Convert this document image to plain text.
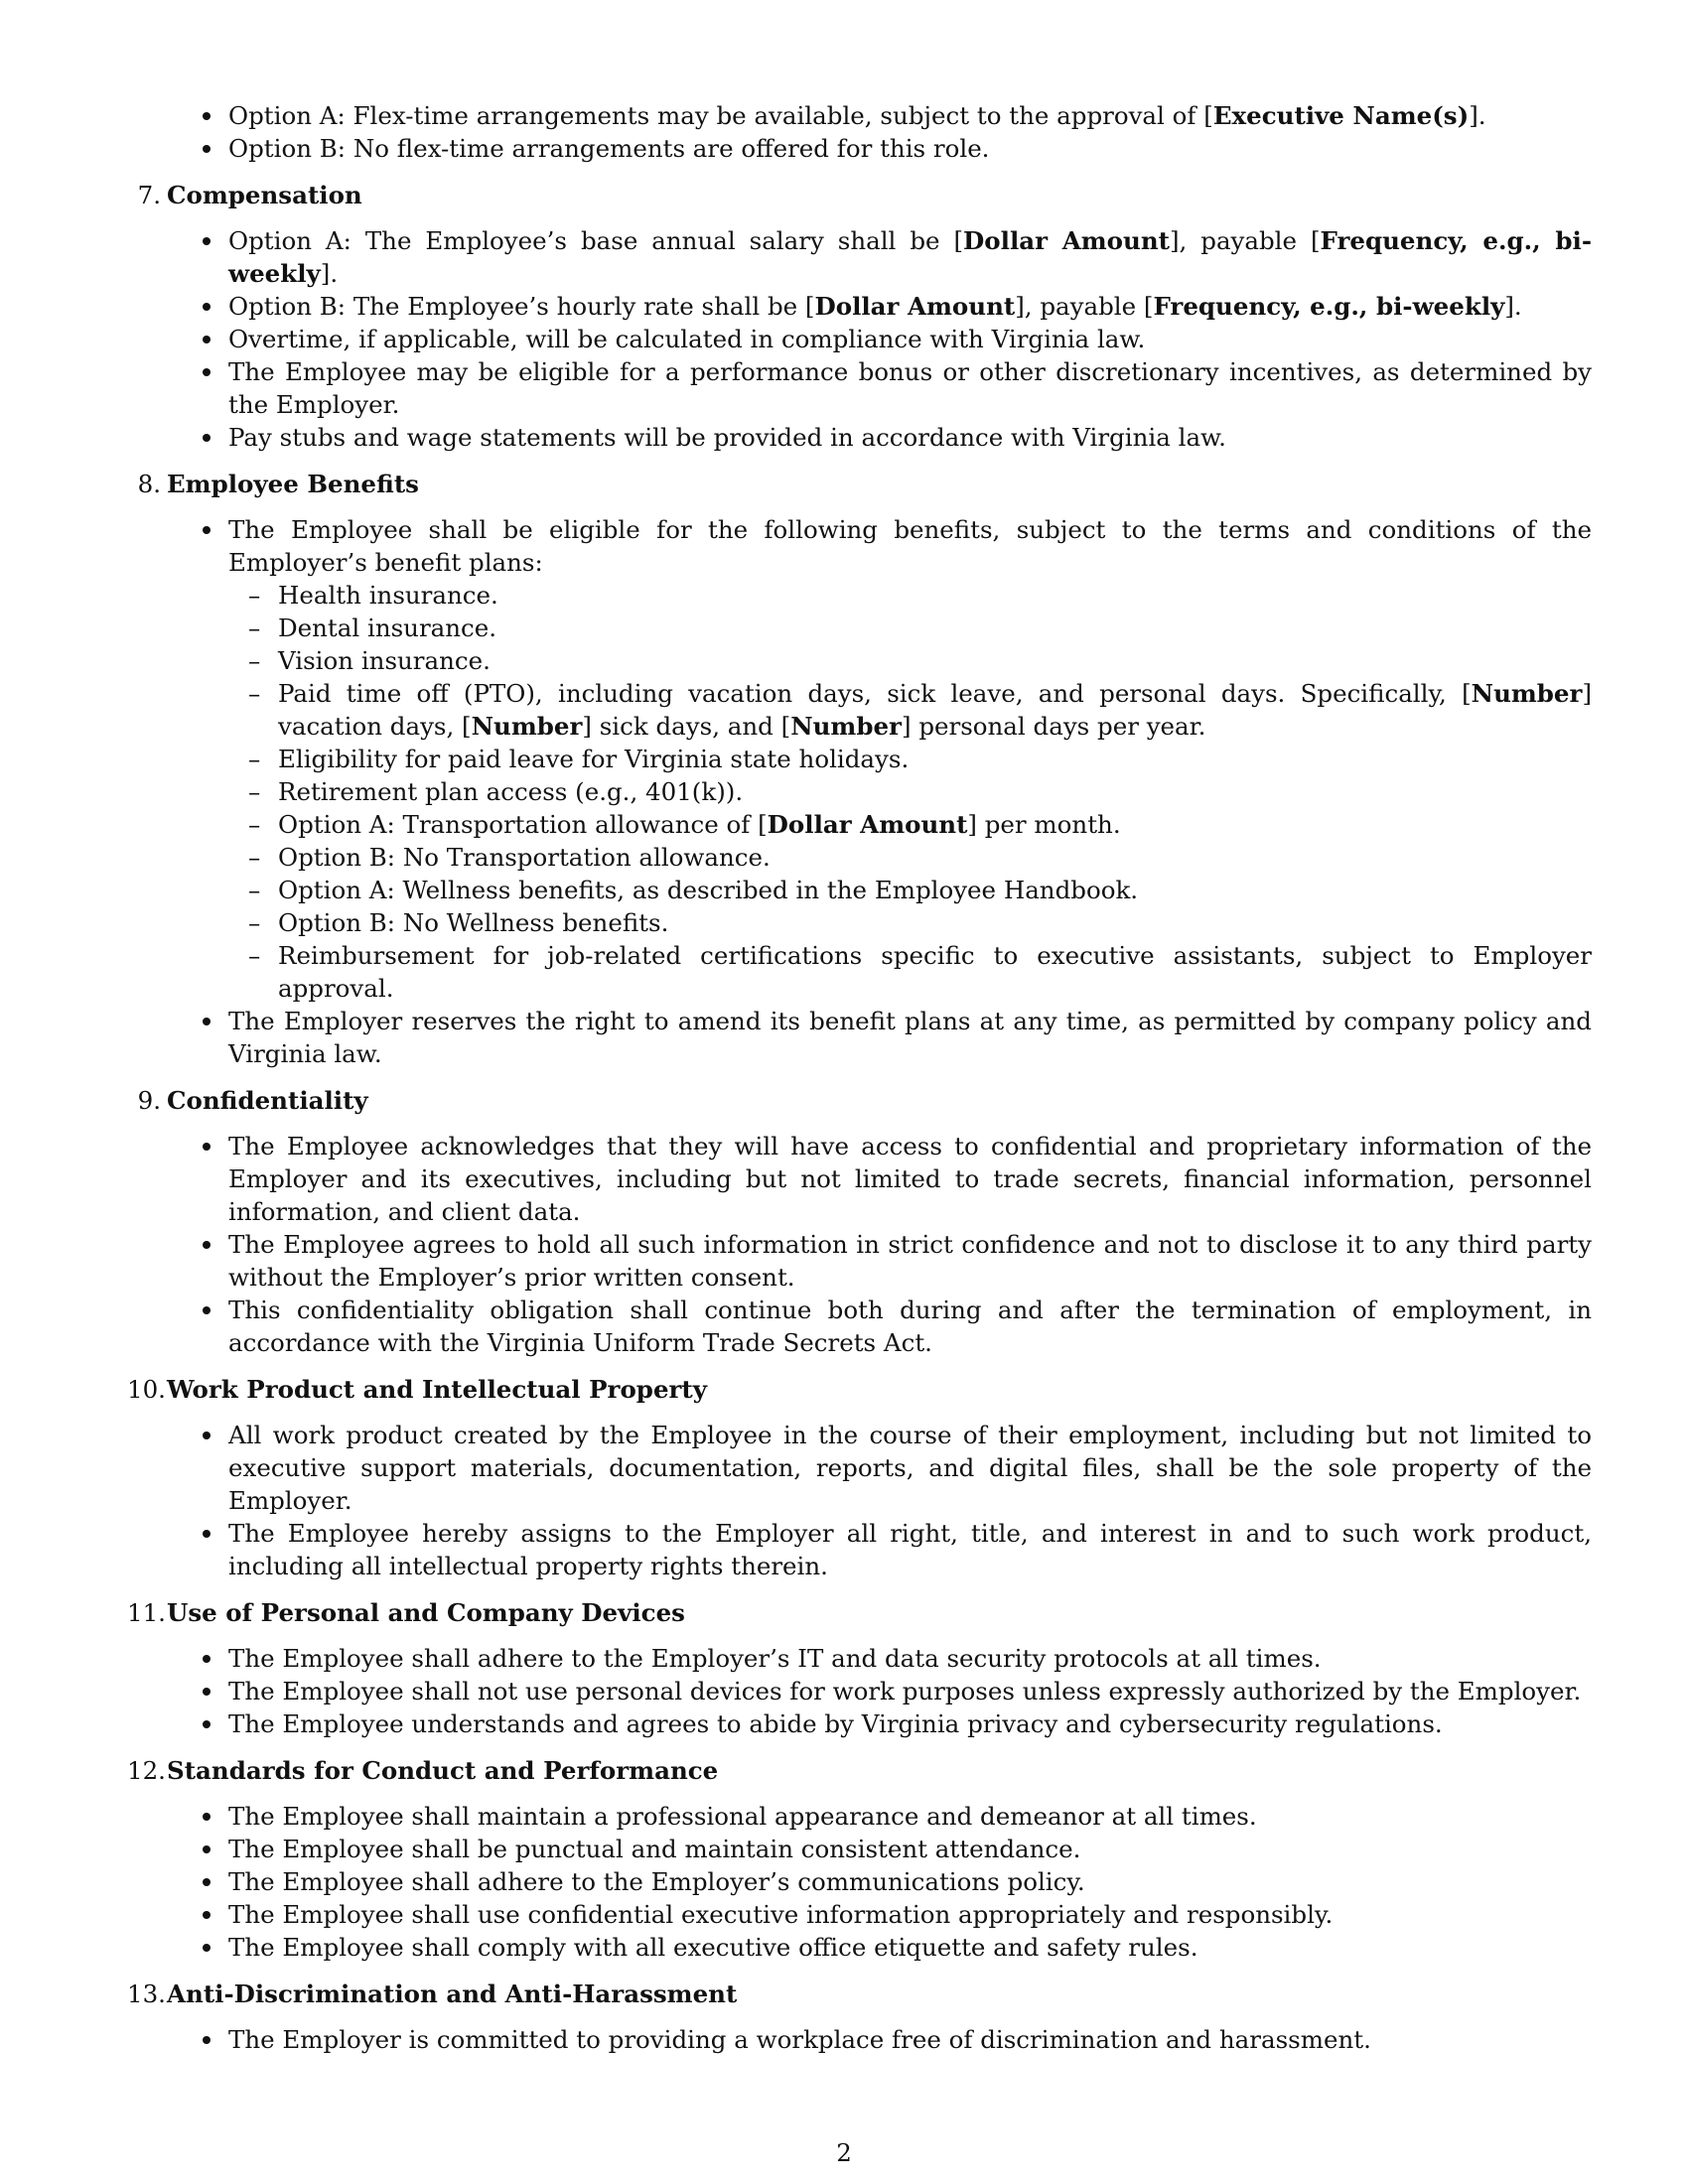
Option A: Flex-time arrangements may be available, subject to the approval of [Executive Name(s)].
Option B: No flex-time arrangements are offered for this role.
7. Compensation
Option A: The Employee’s base annual salary shall be [Dollar Amount], payable [Frequency, e.g., bi-weekly].
Option B: The Employee’s hourly rate shall be [Dollar Amount], payable [Frequency, e.g., bi-weekly].
Overtime, if applicable, will be calculated in compliance with Virginia law.
The Employee may be eligible for a performance bonus or other discretionary incentives, as determined by the Employer.
Pay stubs and wage statements will be provided in accordance with Virginia law.
8. Employee Benefits
The Employee shall be eligible for the following benefits, subject to the terms and conditions of the Employer’s benefit plans:
– Health insurance.
– Dental insurance.
– Vision insurance.
– Paid time off (PTO), including vacation days, sick leave, and personal days. Specifically, [Number] vacation days, [Number] sick days, and [Number] personal days per year.
– Eligibility for paid leave for Virginia state holidays.
– Retirement plan access (e.g., 401(k)).
– Option A: Transportation allowance of [Dollar Amount] per month.
– Option B: No Transportation allowance.
– Option A: Wellness benefits, as described in the Employee Handbook.
– Option B: No Wellness benefits.
– Reimbursement for job-related certifications specific to executive assistants, subject to Employer approval.
The Employer reserves the right to amend its benefit plans at any time, as permitted by company policy and Virginia law.
9. Confidentiality
The Employee acknowledges that they will have access to confidential and proprietary information of the Employer and its executives, including but not limited to trade secrets, financial information, personnel information, and client data.
The Employee agrees to hold all such information in strict confidence and not to disclose it to any third party without the Employer’s prior written consent.
This confidentiality obligation shall continue both during and after the termination of employment, in accordance with the Virginia Uniform Trade Secrets Act.
10. Work Product and Intellectual Property
All work product created by the Employee in the course of their employment, including but not limited to executive support materials, documentation, reports, and digital files, shall be the sole property of the Employer.
The Employee hereby assigns to the Employer all right, title, and interest in and to such work product, including all intellectual property rights therein.
11. Use of Personal and Company Devices
The Employee shall adhere to the Employer’s IT and data security protocols at all times.
The Employee shall not use personal devices for work purposes unless expressly authorized by the Employer.
The Employee understands and agrees to abide by Virginia privacy and cybersecurity regulations.
12. Standards for Conduct and Performance
The Employee shall maintain a professional appearance and demeanor at all times.
The Employee shall be punctual and maintain consistent attendance.
The Employee shall adhere to the Employer’s communications policy.
The Employee shall use confidential executive information appropriately and responsibly.
The Employee shall comply with all executive office etiquette and safety rules.
13. Anti-Discrimination and Anti-Harassment
The Employer is committed to providing a workplace free of discrimination and harassment.
2
